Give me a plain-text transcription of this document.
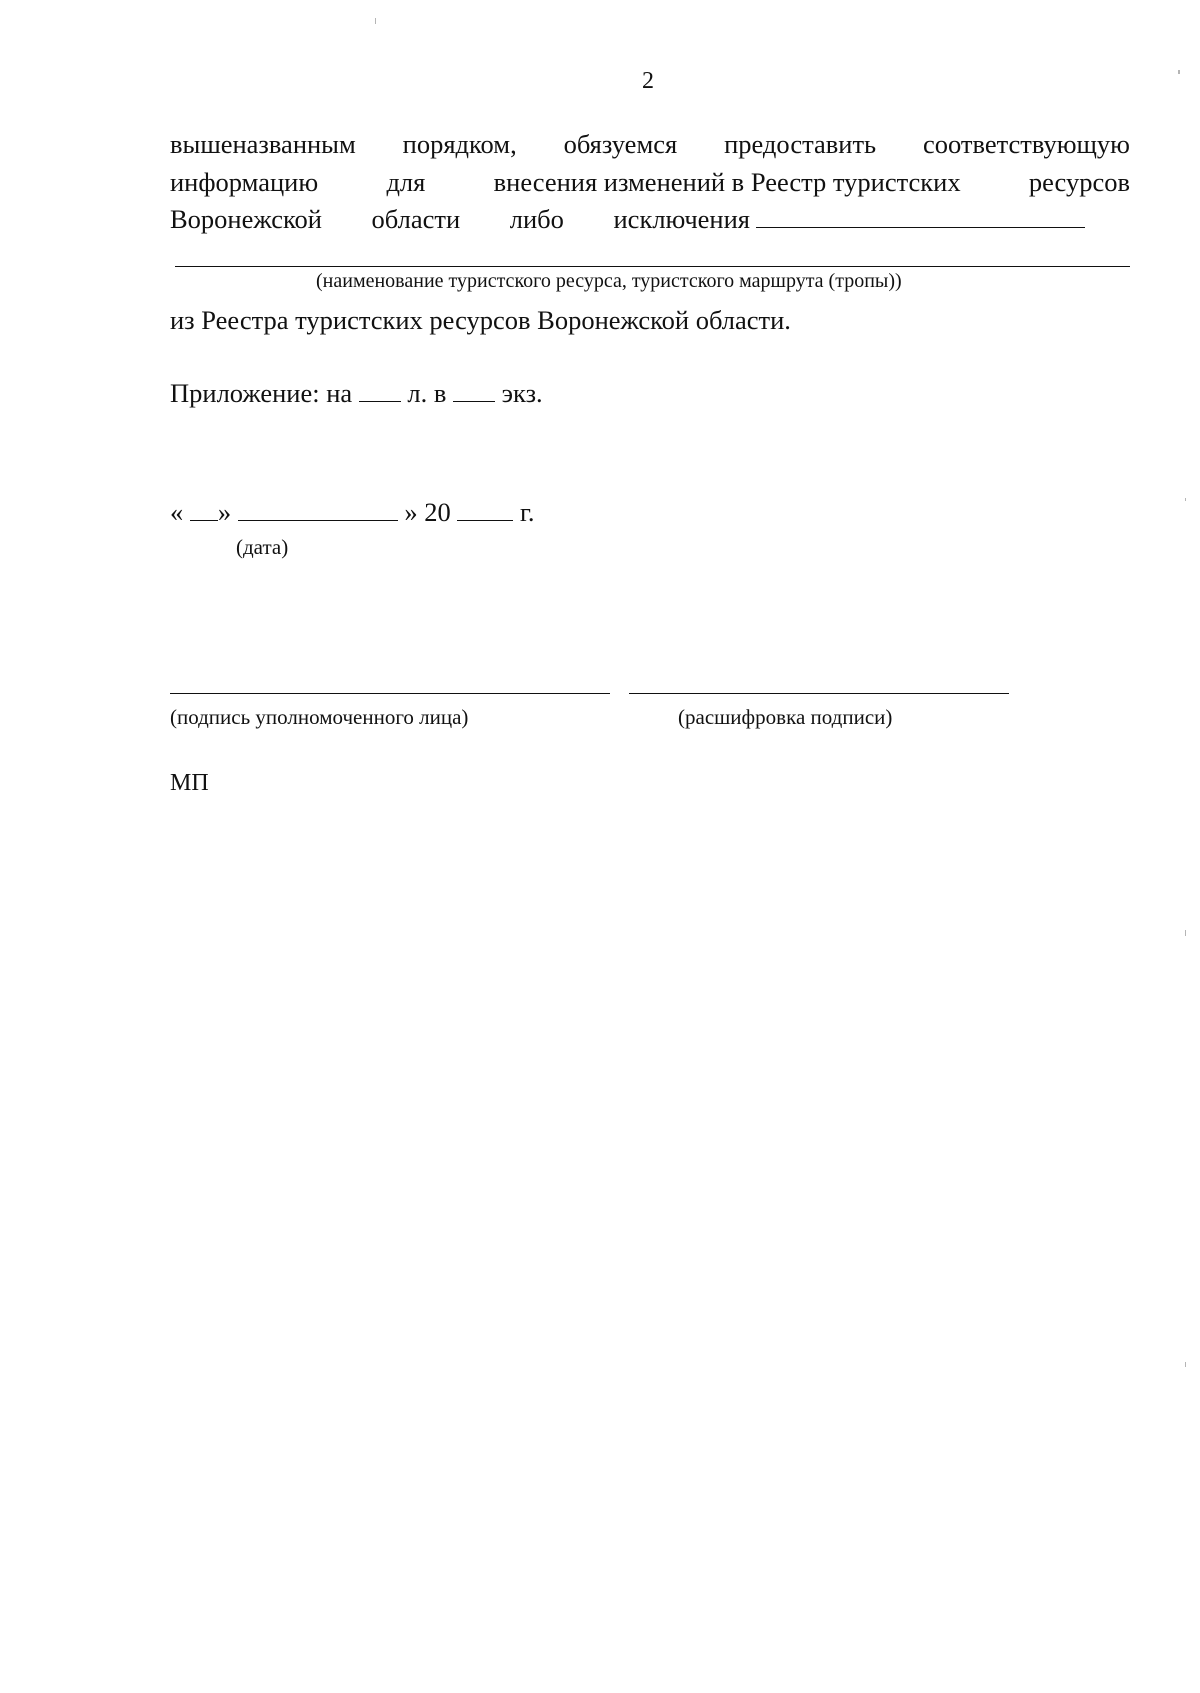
2
вышеназванным порядком, обязуемся предоставить соответствующую
информацию	для	внесения изменений в Реестр туристских	ресурсов
Воронежской области либо исключения
(наименование туристского ресурса, туристского маршрута (тропы))
из Реестра туристских ресурсов Воронежской области.
Приложение: на л. в экз.
« »	» 20	г.
(дата)
(подпись уполномоченного лица)	(расшифровка подписи)
МП
